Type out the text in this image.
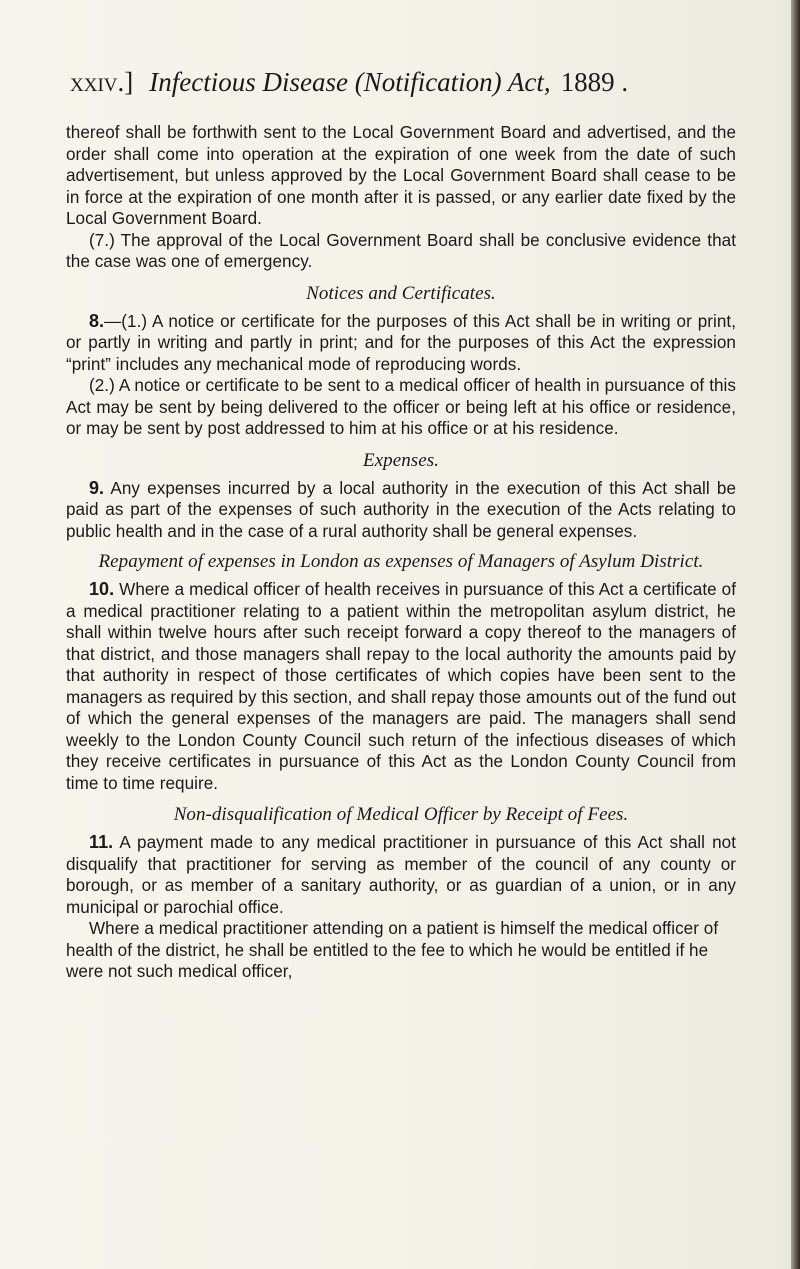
xxiv.] Infectious Disease (Notification) Act, 1889 .

thereof shall be forthwith sent to the Local Government Board and advertised, and the order shall come into operation at the expiration of one week from the date of such advertisement, but unless approved by the Local Government Board shall cease to be in force at the expiration of one month after it is passed, or any earlier date fixed by the Local Government Board.

(7.) The approval of the Local Government Board shall be conclusive evidence that the case was one of emergency.

Notices and Certificates.

8.—(1.) A notice or certificate for the purposes of this Act shall be in writing or print, or partly in writing and partly in print; and for the purposes of this Act the expression “print” includes any mechanical mode of reproducing words.

(2.) A notice or certificate to be sent to a medical officer of health in pursuance of this Act may be sent by being delivered to the officer or being left at his office or residence, or may be sent by post addressed to him at his office or at his residence.

Expenses.

9. Any expenses incurred by a local authority in the execution of this Act shall be paid as part of the expenses of such authority in the execution of the Acts relating to public health and in the case of a rural authority shall be general expenses.

Repayment of expenses in London as expenses of Managers of Asylum District.

10. Where a medical officer of health receives in pursuance of this Act a certificate of a medical practitioner relating to a patient within the metropolitan asylum district, he shall within twelve hours after such receipt forward a copy thereof to the managers of that district, and those managers shall repay to the local authority the amounts paid by that authority in respect of those certificates of which copies have been sent to the managers as required by this section, and shall repay those amounts out of the fund out of which the general expenses of the managers are paid. The managers shall send weekly to the London County Council such return of the infectious diseases of which they receive certificates in pursuance of this Act as the London County Council from time to time require.

Non-disqualification of Medical Officer by Receipt of Fees.

11. A payment made to any medical practitioner in pursuance of this Act shall not disqualify that practitioner for serving as member of the council of any county or borough, or as member of a sanitary authority, or as guardian of a union, or in any municipal or parochial office.

Where a medical practitioner attending on a patient is himself the medical officer of health of the district, he shall be entitled to the fee to which he would be entitled if he were not such medical officer,
